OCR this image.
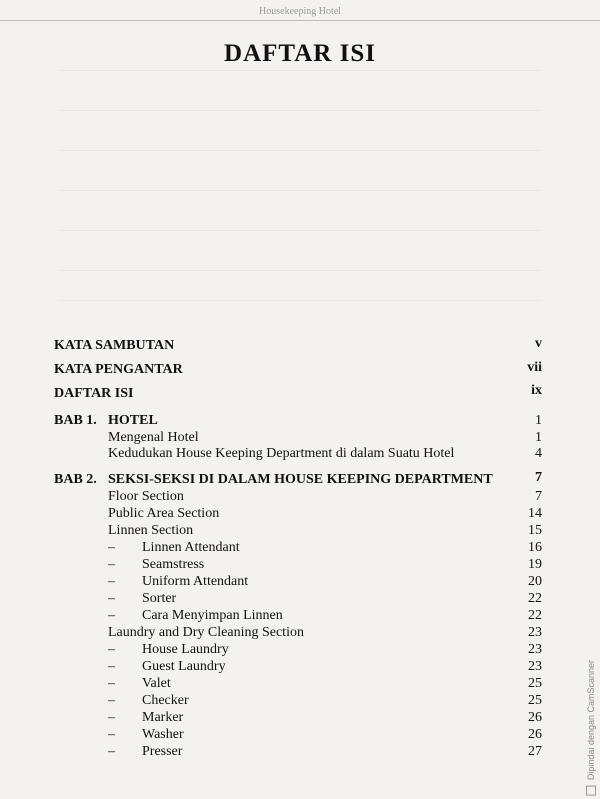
Housekeeping Hotel
DAFTAR ISI
KATA SAMBUTAN	v
KATA PENGANTAR	vii
DAFTAR ISI	ix
BAB 1. HOTEL	1
Mengenal Hotel	1
Kedudukan House Keeping Department di dalam Suatu Hotel	4
BAB 2. SEKSI-SEKSI DI DALAM HOUSE KEEPING DEPARTMENT	7
Floor Section	7
Public Area Section	14
Linnen Section	15
– Linnen Attendant	16
– Seamstress	19
– Uniform Attendant	20
– Sorter	22
– Cara Menyimpan Linnen	22
Laundry and Dry Cleaning Section	23
– House Laundry	23
– Guest Laundry	23
– Valet	25
– Checker	25
– Marker	26
– Washer	26
– Presser	27	Dipindai dengan CamScanner
